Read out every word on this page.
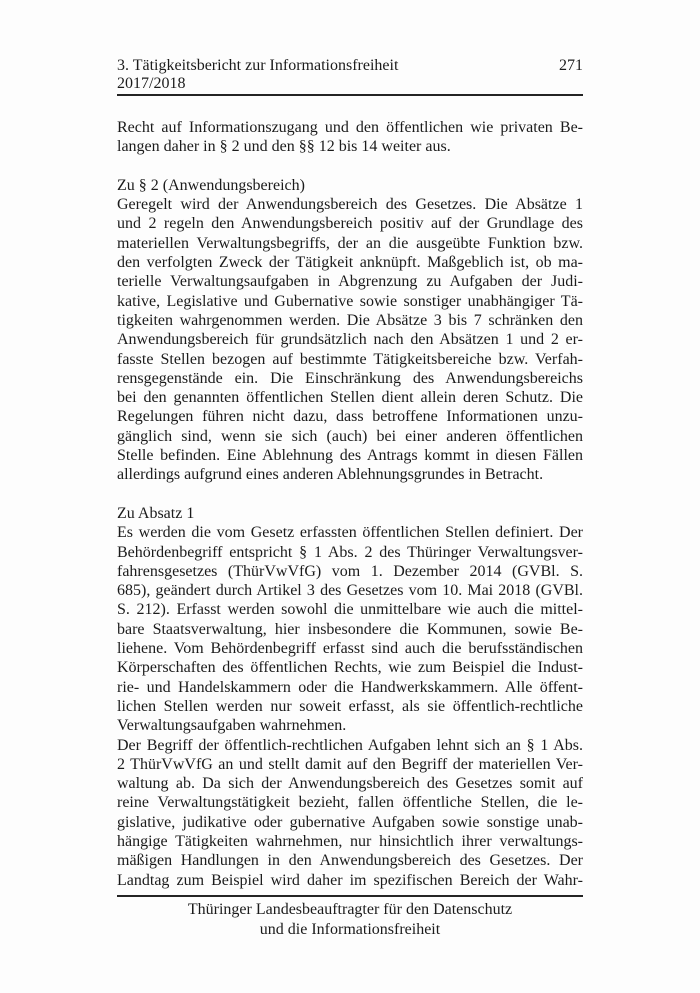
3. Tätigkeitsbericht zur Informationsfreiheit	271
2017/2018
Recht auf Informationszugang und den öffentlichen wie privaten Be-
langen daher in § 2 und den §§ 12 bis 14 weiter aus.
Zu § 2 (Anwendungsbereich)
Geregelt wird der Anwendungsbereich des Gesetzes. Die Absätze 1
und 2 regeln den Anwendungsbereich positiv auf der Grundlage des
materiellen Verwaltungsbegriffs, der an die ausgeübte Funktion bzw.
den verfolgten Zweck der Tätigkeit anknüpft. Maßgeblich ist, ob ma-
terielle Verwaltungsaufgaben in Abgrenzung zu Aufgaben der Judi-
kative, Legislative und Gubernative sowie sonstiger unabhängiger Tä-
tigkeiten wahrgenommen werden. Die Absätze 3 bis 7 schränken den
Anwendungsbereich für grundsätzlich nach den Absätzen 1 und 2 er-
fasste Stellen bezogen auf bestimmte Tätigkeitsbereiche bzw. Verfah-
rensgegenstände ein. Die Einschränkung des Anwendungsbereichs
bei den genannten öffentlichen Stellen dient allein deren Schutz. Die
Regelungen führen nicht dazu, dass betroffene Informationen unzu-
gänglich sind, wenn sie sich (auch) bei einer anderen öffentlichen
Stelle befinden. Eine Ablehnung des Antrags kommt in diesen Fällen
allerdings aufgrund eines anderen Ablehnungsgrundes in Betracht.
Zu Absatz 1
Es werden die vom Gesetz erfassten öffentlichen Stellen definiert. Der
Behördenbegriff entspricht § 1 Abs. 2 des Thüringer Verwaltungsver-
fahrensgesetzes (ThürVwVfG) vom 1. Dezember 2014 (GVBl. S.
685), geändert durch Artikel 3 des Gesetzes vom 10. Mai 2018 (GVBl.
S. 212). Erfasst werden sowohl die unmittelbare wie auch die mittel-
bare Staatsverwaltung, hier insbesondere die Kommunen, sowie Be-
liehene. Vom Behördenbegriff erfasst sind auch die berufsständischen
Körperschaften des öffentlichen Rechts, wie zum Beispiel die Indust-
rie- und Handelskammern oder die Handwerkskammern. Alle öffent-
lichen Stellen werden nur soweit erfasst, als sie öffentlich-rechtliche
Verwaltungsaufgaben wahrnehmen.
Der Begriff der öffentlich-rechtlichen Aufgaben lehnt sich an § 1 Abs.
2 ThürVwVfG an und stellt damit auf den Begriff der materiellen Ver-
waltung ab. Da sich der Anwendungsbereich des Gesetzes somit auf
reine Verwaltungstätigkeit bezieht, fallen öffentliche Stellen, die le-
gislative, judikative oder gubernative Aufgaben sowie sonstige unab-
hängige Tätigkeiten wahrnehmen, nur hinsichtlich ihrer verwaltungs-
mäßigen Handlungen in den Anwendungsbereich des Gesetzes. Der
Landtag zum Beispiel wird daher im spezifischen Bereich der Wahr-
Thüringer Landesbeauftragter für den Datenschutz
und die Informationsfreiheit
